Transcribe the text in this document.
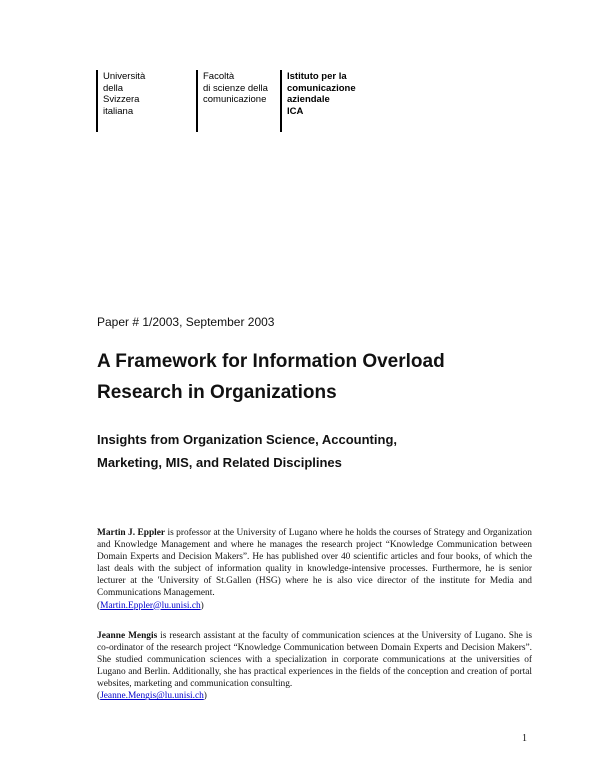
Università
della
Svizzera
italiana
Facoltà
di scienze della
comunicazione
Istituto per la
comunicazione
aziendale
ICA
Paper # 1/2003, September 2003
A Framework for Information Overload
Research in Organizations
Insights from Organization Science, Accounting,
Marketing, MIS, and Related Disciplines

Martin J. Eppler is professor at the University of Lugano where he holds the courses of Strategy and Organization and Knowledge Management and where he manages the research project “Knowledge Communication between Domain Experts and Decision Makers”. He has published over 40 scientific articles and four books, of which the last deals with the subject of information quality in knowledge-intensive processes. Furthermore, he is senior lecturer at the 'University of St.Gallen (HSG) where he is also vice director of the institute for Media and Communications Management.
(Martin.Eppler@lu.unisi.ch)

Jeanne Mengis is research assistant at the faculty of communication sciences at the University of Lugano. She is co-ordinator of the research project “Knowledge Communication between Domain Experts and Decision Makers”. She studied communication sciences with a specialization in corporate communications at the universities of Lugano and Berlin. Additionally, she has practical experiences in the fields of the conception and creation of portal websites, marketing and communication consulting.
(Jeanne.Mengis@lu.unisi.ch)

1
